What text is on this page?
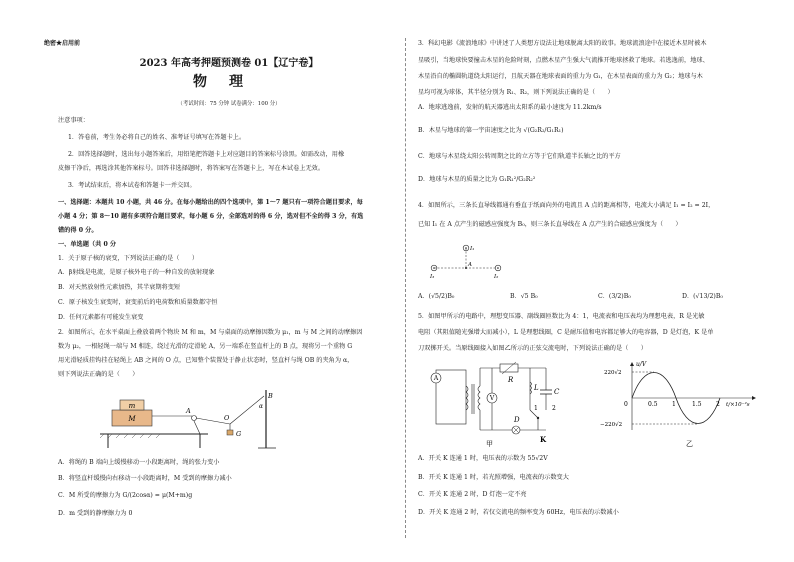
绝密★启用前
2023 年高考押题预测卷 01【辽宁卷】
物理
（考试时间：75 分钟 试卷满分：100 分）
注意事项：
1．答卷前，考生务必将自己的姓名、准考证号填写在答题卡上。
2．回答选择题时，选出每小题答案后，用铅笔把答题卡上对应题目的答案标号涂黑。如需改动，用橡
皮擦干净后，再选涂其他答案标号。回答非选择题时，将答案写在答题卡上，写在本试卷上无效。
3．考试结束后，将本试卷和答题卡一并交回。
一、选择题：本题共 10 小题，共 46 分。在每小题给出的四个选项中，第 1～7 题只有一项符合题目要求，每
小题 4 分；第 8～10 题有多项符合题目要求，每小题 6 分，全部选对的得 6 分，选对但不全的得 3 分，有选
错的得 0 分。
一、单选题（共 0 分
1．关于原子核的衰变，下列说法正确的是（　　）
A．β射线是电流，是原子核外电子的一种自发的放射现象
B．对天然放射性元素加热，其半衰期将变短
C．原子核发生衰变时，衰变前后的电荷数和质量数都守恒
D．任何元素都有可能发生衰变
2．如图所示，在水平桌面上叠放着两个物块 M 和 m，M 与桌面的动摩擦因数为 μ₁，m 与 M 之间的动摩擦因
数为 μ₂，一根轻绳一端与 M 相连，绕过光滑的定滑轮 A，另一端系在竖直杆上的 B 点，现将另一个重物 G
用光滑轻质挂钩挂在轻绳上 AB 之间的 O 点，已知整个装置处于静止状态时，竖直杆与绳 OB 的夹角为 α，
则下列说法正确的是（　　）
m
M
A
O
G
B
α
A．将绳的 B 端向上缓慢移动一小段距离时，绳的张力变小
B．将竖直杆缓慢向右移动一小段距离时，M 受到的摩擦力减小
C．M 所受的摩擦力为 G/(2cosα) = μ(M+m)g
D．m 受到的静摩擦力为 0
3．科幻电影《流浪地球》中讲述了人类想方设法让地球脱离太阳的故事。地球流浪途中在接近木星时被木
星吸引，当地球快要撞击木星的危险时刻，点燃木星产生强大气流推开地球拯救了地球。若逃逸前，地球、
木星沿自的椭圆轨道绕太阳运行，且航天器在地球表面的重力为 G₁，在木星表面的重力为 G₂；地球与木
星均可视为球体，其半径分别为 R₁、R₂，则下列说法正确的是（　　）
A．地球逃逸前，发射的航天器逃出太阳系的最小速度为 11.2km/s
B．木星与地球的第一宇宙速度之比为 √(G₂R₂/G₁R₁)
C．地球与木星绕太阳公转周期之比的立方等于它们轨道半长轴之比的平方
D．地球与木星的质量之比为 G₁R₁²/G₂R₂²
4．如图所示，三条长直导线都通有垂直于纸面向外的电流且 A 点的距离相等，电流大小满足 I₁ = I₂ = 2I，
已知 I₁ 在 A 点产生的磁感应强度为 B₀，则三条长直导线在 A 点产生的合磁感应强度为（　　）
I₁
I₃	I₂
A
A．(√5/2)B₀	B．√5 B₀	C．(3/2)B₀	D．(√13/2)B₀
5．如图甲所示的电路中，理想变压器、副线圈匝数比为 4：1，电流表和电压表均为理想电表，R 是光敏
电阻（其阻值随光强增大而减小），L 是理想线圈，C 是耐压值和电容都足够大的电容器，D 是灯泡，K 是单
刀双掷开关。当原线圈接入如图乙所示的正弦交流电时，下列说法正确的是（　　）
A	R
V
L C
1 2
K
D
甲
u/V
220√2
−220√2
0	0.5 1	1.5 2 t/×10⁻²s
乙
A．开关 K 连通 1 时，电压表的示数为 55√2V
B．开关 K 连通 1 时，若光照增强，电流表的示数变大
C．开关 K 连通 2 时，D 灯泡一定不亮
D．开关 K 连通 2 时，若仅交流电的频率变为 60Hz，电压表的示数减小
